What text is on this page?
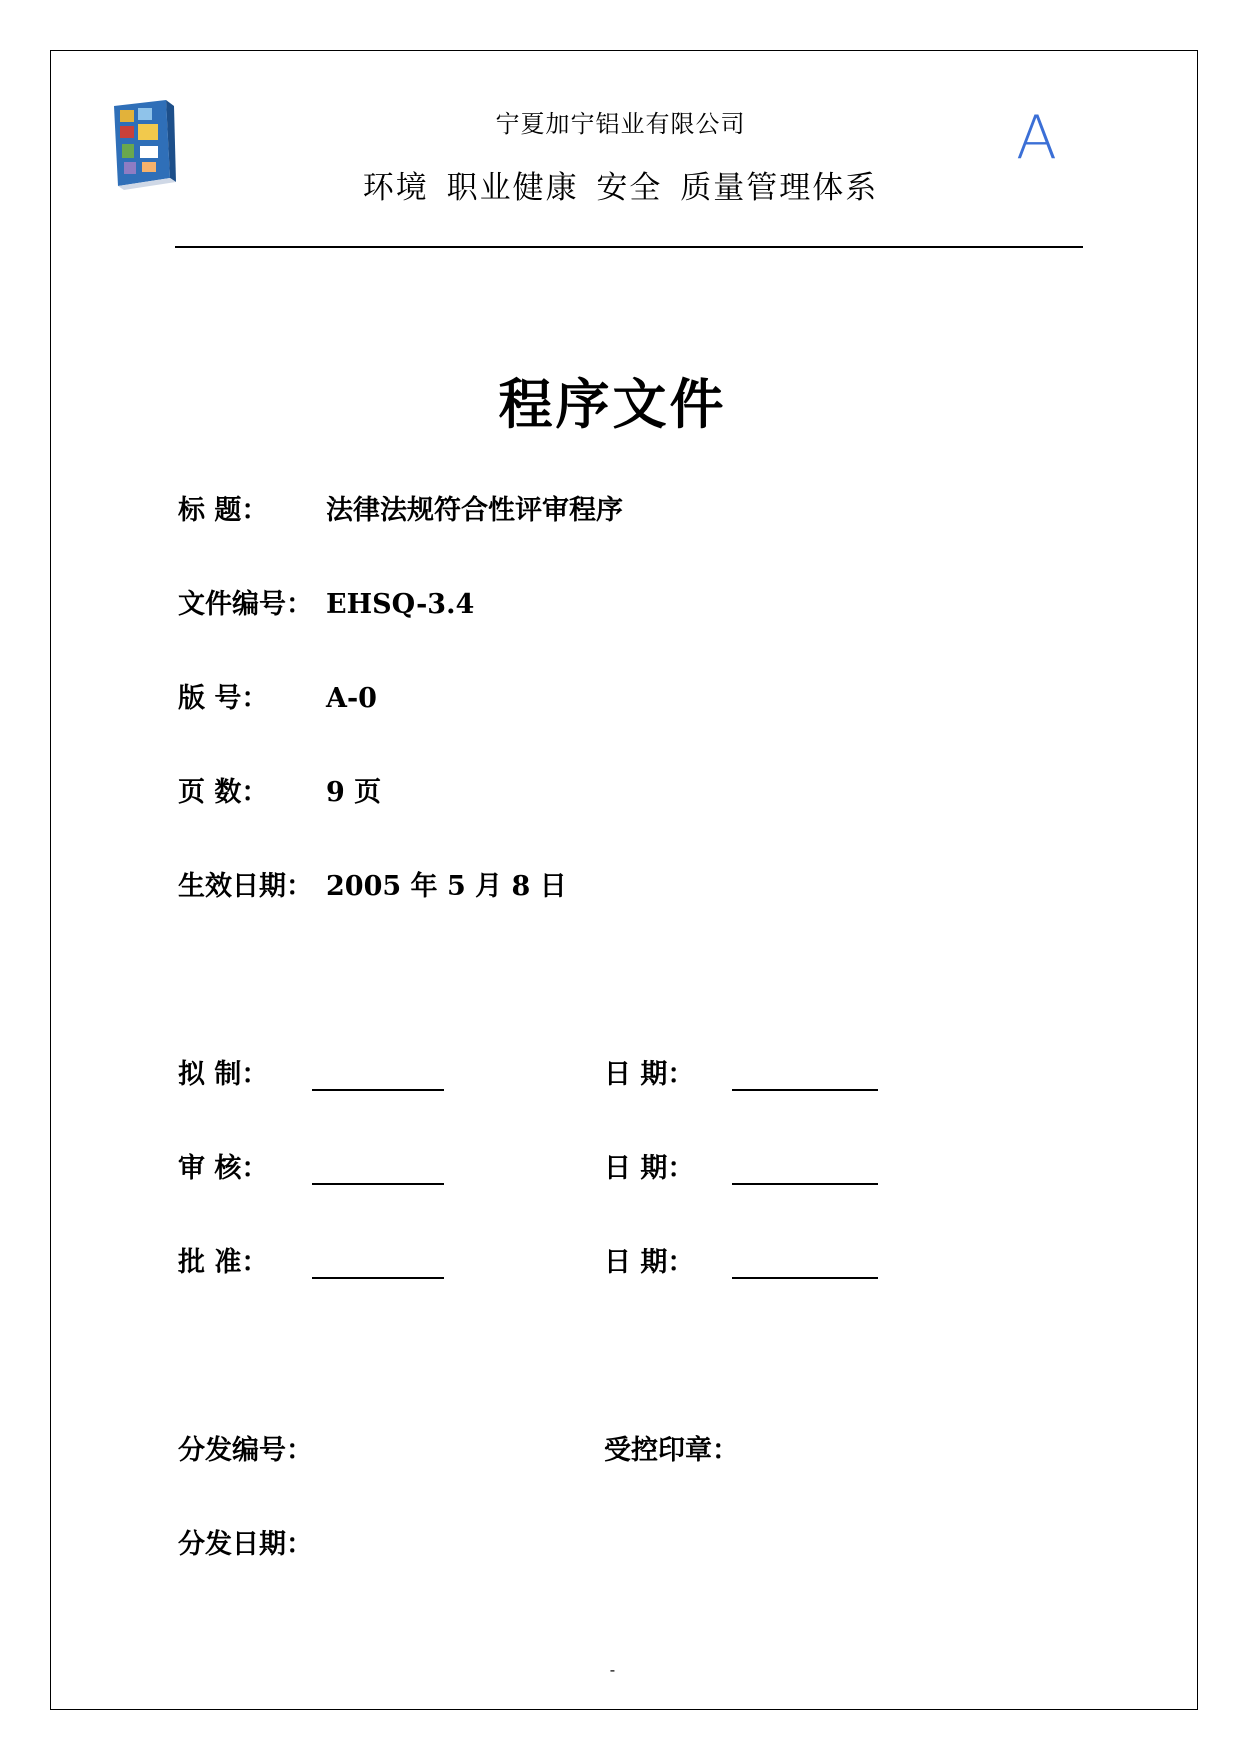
宁夏加宁铝业有限公司
环境 职业健康 安全 质量管理体系
A
程序文件
标 题： 法律法规符合性评审程序
文件编号： EHSQ-3.4
版 号： A-0
页 数： 9 页
生效日期： 2005 年 5 月 8 日
拟 制：	日 期：
审 核：	日 期：
批 准：	日 期：
分发编号：	受控印章：
分发日期：
-
